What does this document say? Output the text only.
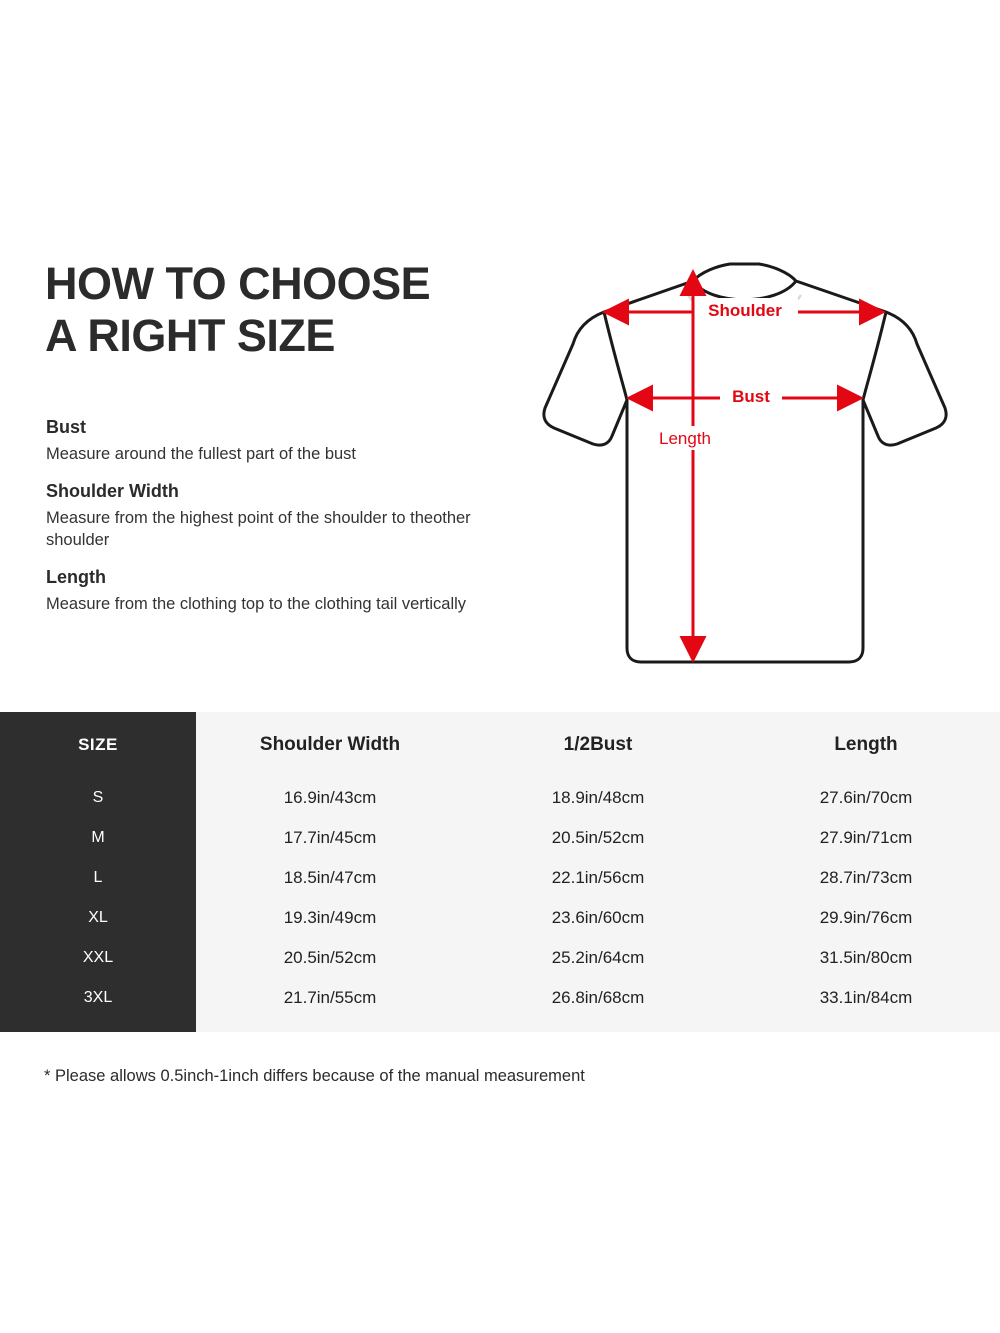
HOW TO CHOOSE
A RIGHT SIZE
Bust
Measure around the fullest part of the bust
Shoulder Width
Measure from the highest point of the shoulder to theother shoulder
Length
Measure from the clothing top to the clothing tail vertically
Shoulder
Bust
Length
SIZE	Shoulder Width	1/2Bust	Length
S	16.9in/43cm	18.9in/48cm	27.6in/70cm
M	17.7in/45cm	20.5in/52cm	27.9in/71cm
L	18.5in/47cm	22.1in/56cm	28.7in/73cm
XL	19.3in/49cm	23.6in/60cm	29.9in/76cm
XXL	20.5in/52cm	25.2in/64cm	31.5in/80cm
3XL	21.7in/55cm	26.8in/68cm	33.1in/84cm
* Please allows 0.5inch-1inch differs because of the manual measurement
